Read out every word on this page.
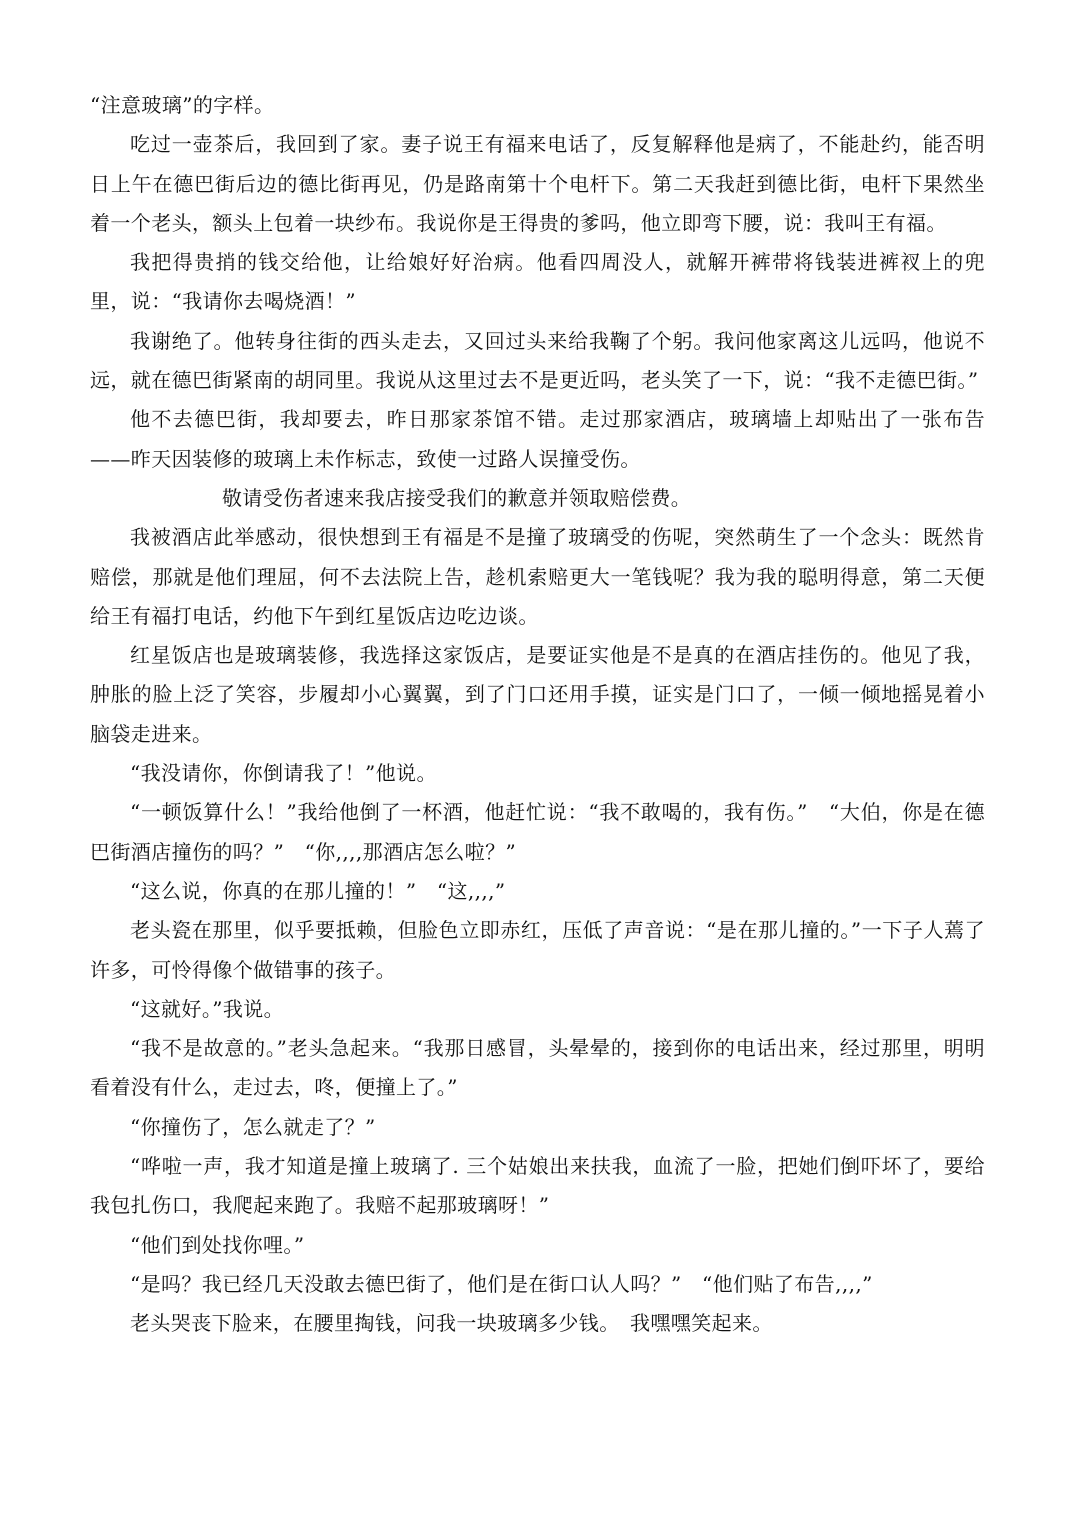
“注意玻璃”的字样。

吃过一壶茶后，我回到了家。妻子说王有福来电话了，反复解释他是病了，不能赴约，能否明日上午在德巴街后边的德比街再见，仍是路南第十个电杆下。第二天我赶到德比街，电杆下果然坐着一个老头，额头上包着一块纱布。我说你是王得贵的爹吗，他立即弯下腰，说：我叫王有福。

我把得贵捎的钱交给他，让给娘好好治病。他看四周没人，就解开裤带将钱装进裤衩上的兜里，说：“我请你去喝烧酒！”

我谢绝了。他转身往街的西头走去，又回过头来给我鞠了个躬。我问他家离这儿远吗，他说不远，就在德巴街紧南的胡同里。我说从这里过去不是更近吗，老头笑了一下，说：“我不走德巴街。”

他不去德巴街，我却要去，昨日那家茶馆不错。走过那家酒店，玻璃墙上却贴出了一张布告——昨天因装修的玻璃上未作标志，致使一过路人误撞受伤。

敬请受伤者速来我店接受我们的歉意并领取赔偿费。

我被酒店此举感动，很快想到王有福是不是撞了玻璃受的伤呢，突然萌生了一个念头：既然肯赔偿，那就是他们理屈，何不去法院上告，趁机索赔更大一笔钱呢？我为我的聪明得意，第二天便给王有福打电话，约他下午到红星饭店边吃边谈。

红星饭店也是玻璃装修，我选择这家饭店，是要证实他是不是真的在酒店挂伤的。他见了我，肿胀的脸上泛了笑容，步履却小心翼翼，到了门口还用手摸，证实是门口了，一倾一倾地摇晃着小脑袋走进来。

“我没请你，你倒请我了！”他说。

“一顿饭算什么！”我给他倒了一杯酒，他赶忙说：“我不敢喝的，我有伤。”　“大伯，你是在德巴街酒店撞伤的吗？”　“你,,,,那酒店怎么啦？”

“这么说，你真的在那儿撞的！”　“这,,,,”

老头瓷在那里，似乎要抵赖，但脸色立即赤红，压低了声音说：“是在那儿撞的。”一下子人蔫了许多，可怜得像个做错事的孩子。

“这就好。”我说。

“我不是故意的。”老头急起来。“我那日感冒，头晕晕的，接到你的电话出来，经过那里，明明看着没有什么，走过去，咚，便撞上了。”

“你撞伤了，怎么就走了？”

“哗啦一声，我才知道是撞上玻璃了. 三个姑娘出来扶我，血流了一脸，把她们倒吓坏了，要给我包扎伤口，我爬起来跑了。我赔不起那玻璃呀！”

“他们到处找你哩。”

“是吗？我已经几天没敢去德巴街了，他们是在街口认人吗？”　“他们贴了布告,,,,”

老头哭丧下脸来，在腰里掏钱，问我一块玻璃多少钱。　我嘿嘿笑起来。
